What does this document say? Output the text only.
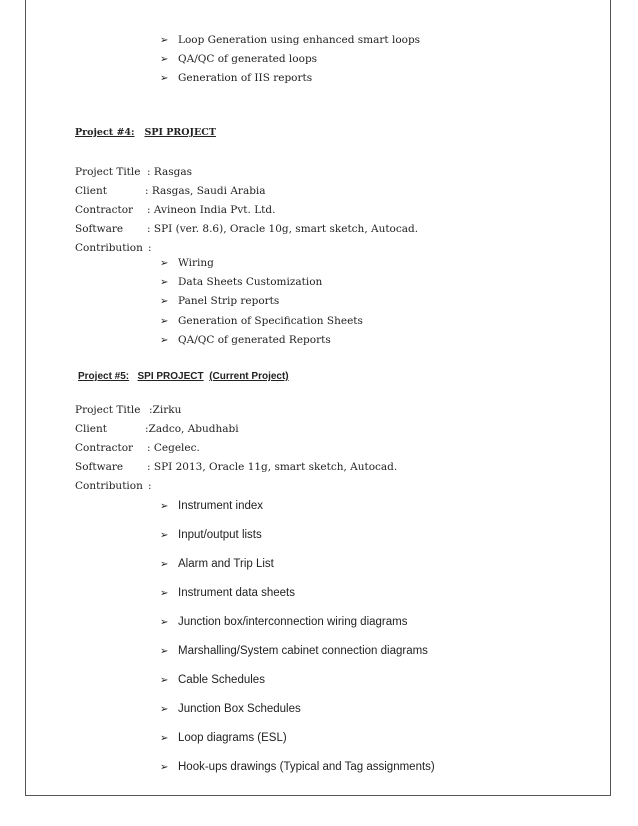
➢ Loop Generation using enhanced smart loops
➢ QA/QC of generated loops
➢ Generation of IIS reports
Project #4: SPI PROJECT
Project Title : Rasgas
Client	: Rasgas, Saudi Arabia
Contractor : Avineon India Pvt. Ltd.
Software : SPI (ver. 8.6), Oracle 10g, smart sketch, Autocad.
Contribution :
➢ Wiring
➢ Data Sheets Customization
➢ Panel Strip reports
➢ Generation of Specification Sheets
➢ QA/QC of generated Reports
Project #5: SPI PROJECT (Current Project)
Project Title :Zirku
Client	:Zadco, Abudhabi
Contractor : Cegelec.
Software : SPI 2013, Oracle 11g, smart sketch, Autocad.
Contribution :
➢ Instrument index
➢ Input/output lists
➢ Alarm and Trip List
➢ Instrument data sheets
➢ Junction box/interconnection wiring diagrams
➢ Marshalling/System cabinet connection diagrams
➢ Cable Schedules
➢ Junction Box Schedules
➢ Loop diagrams (ESL)
➢ Hook-ups drawings (Typical and Tag assignments)
